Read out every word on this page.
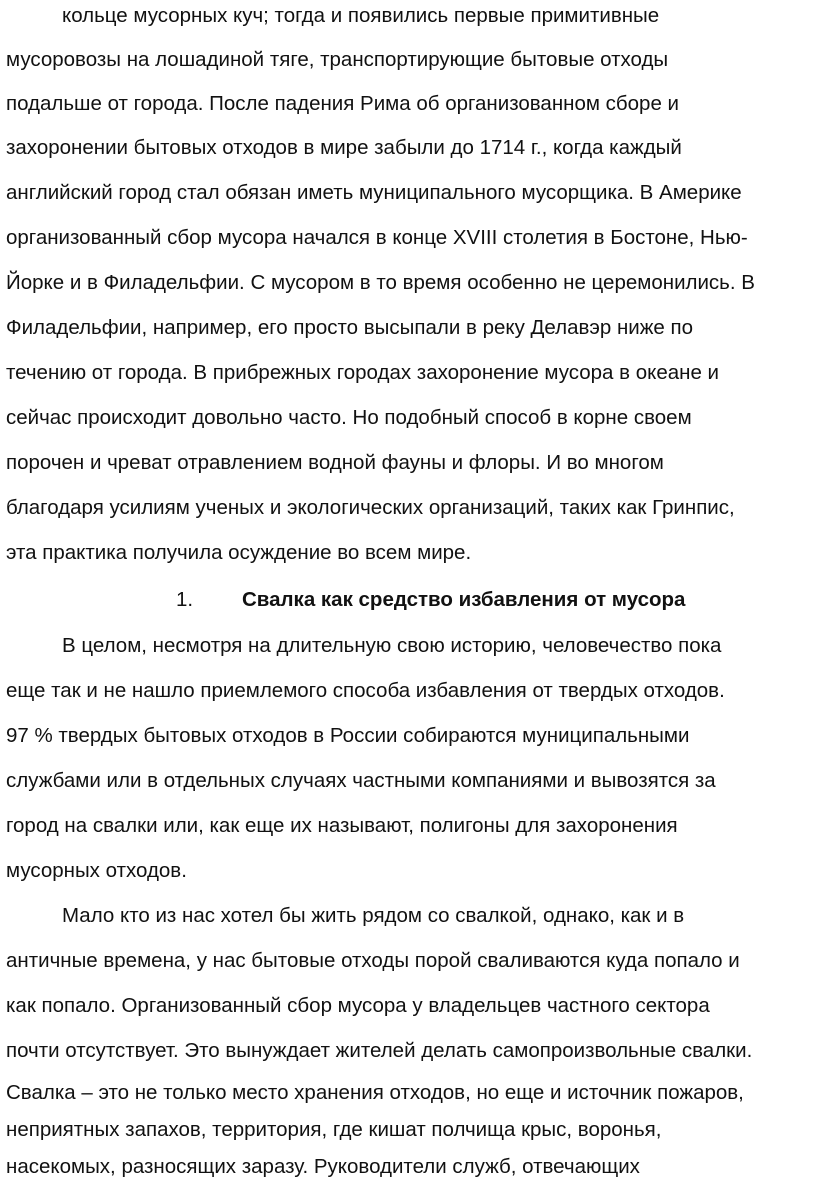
кольце мусорных куч; тогда и появились первые примитивные
мусоровозы на лошадиной тяге, транспортирующие бытовые отходы
подальше от города. После падения Рима об организованном сборе и
захоронении бытовых отходов в мире забыли до 1714 г., когда каждый
английский город стал обязан иметь муниципального мусорщика. В Америке
организованный сбор мусора начался в конце XVIII столетия в Бостоне, Нью-
Йорке и в Филадельфии. С мусором в то время особенно не церемонились. В
Филадельфии, например, его просто высыпали в реку Делавэр ниже по
течению от города. В прибрежных городах захоронение мусора в океане и
сейчас происходит довольно часто. Но подобный способ в корне своем
порочен и чреват отравлением водной фауны и флоры. И во многом
благодаря усилиям ученых и экологических организаций, таких как Гринпис,
эта практика получила осуждение во всем мире.
1. Свалка как средство избавления от мусора
В целом, несмотря на длительную свою историю, человечество пока
еще так и не нашло приемлемого способа избавления от твердых отходов.
97 % твердых бытовых отходов в России собираются муниципальными
службами или в отдельных случаях частными компаниями и вывозятся за
город на свалки или, как еще их называют, полигоны для захоронения
мусорных отходов.
Мало кто из нас хотел бы жить рядом со свалкой, однако, как и в
античные времена, у нас бытовые отходы порой сваливаются куда попало и
как попало. Организованный сбор мусора у владельцев частного сектора
почти отсутствует. Это вынуждает жителей делать самопроизвольные свалки.
Свалка – это не только место хранения отходов, но еще и источник пожаров,
неприятных запахов, территория, где кишат полчища крыс, воронья,
насекомых, разносящих заразу. Руководители служб, отвечающих
